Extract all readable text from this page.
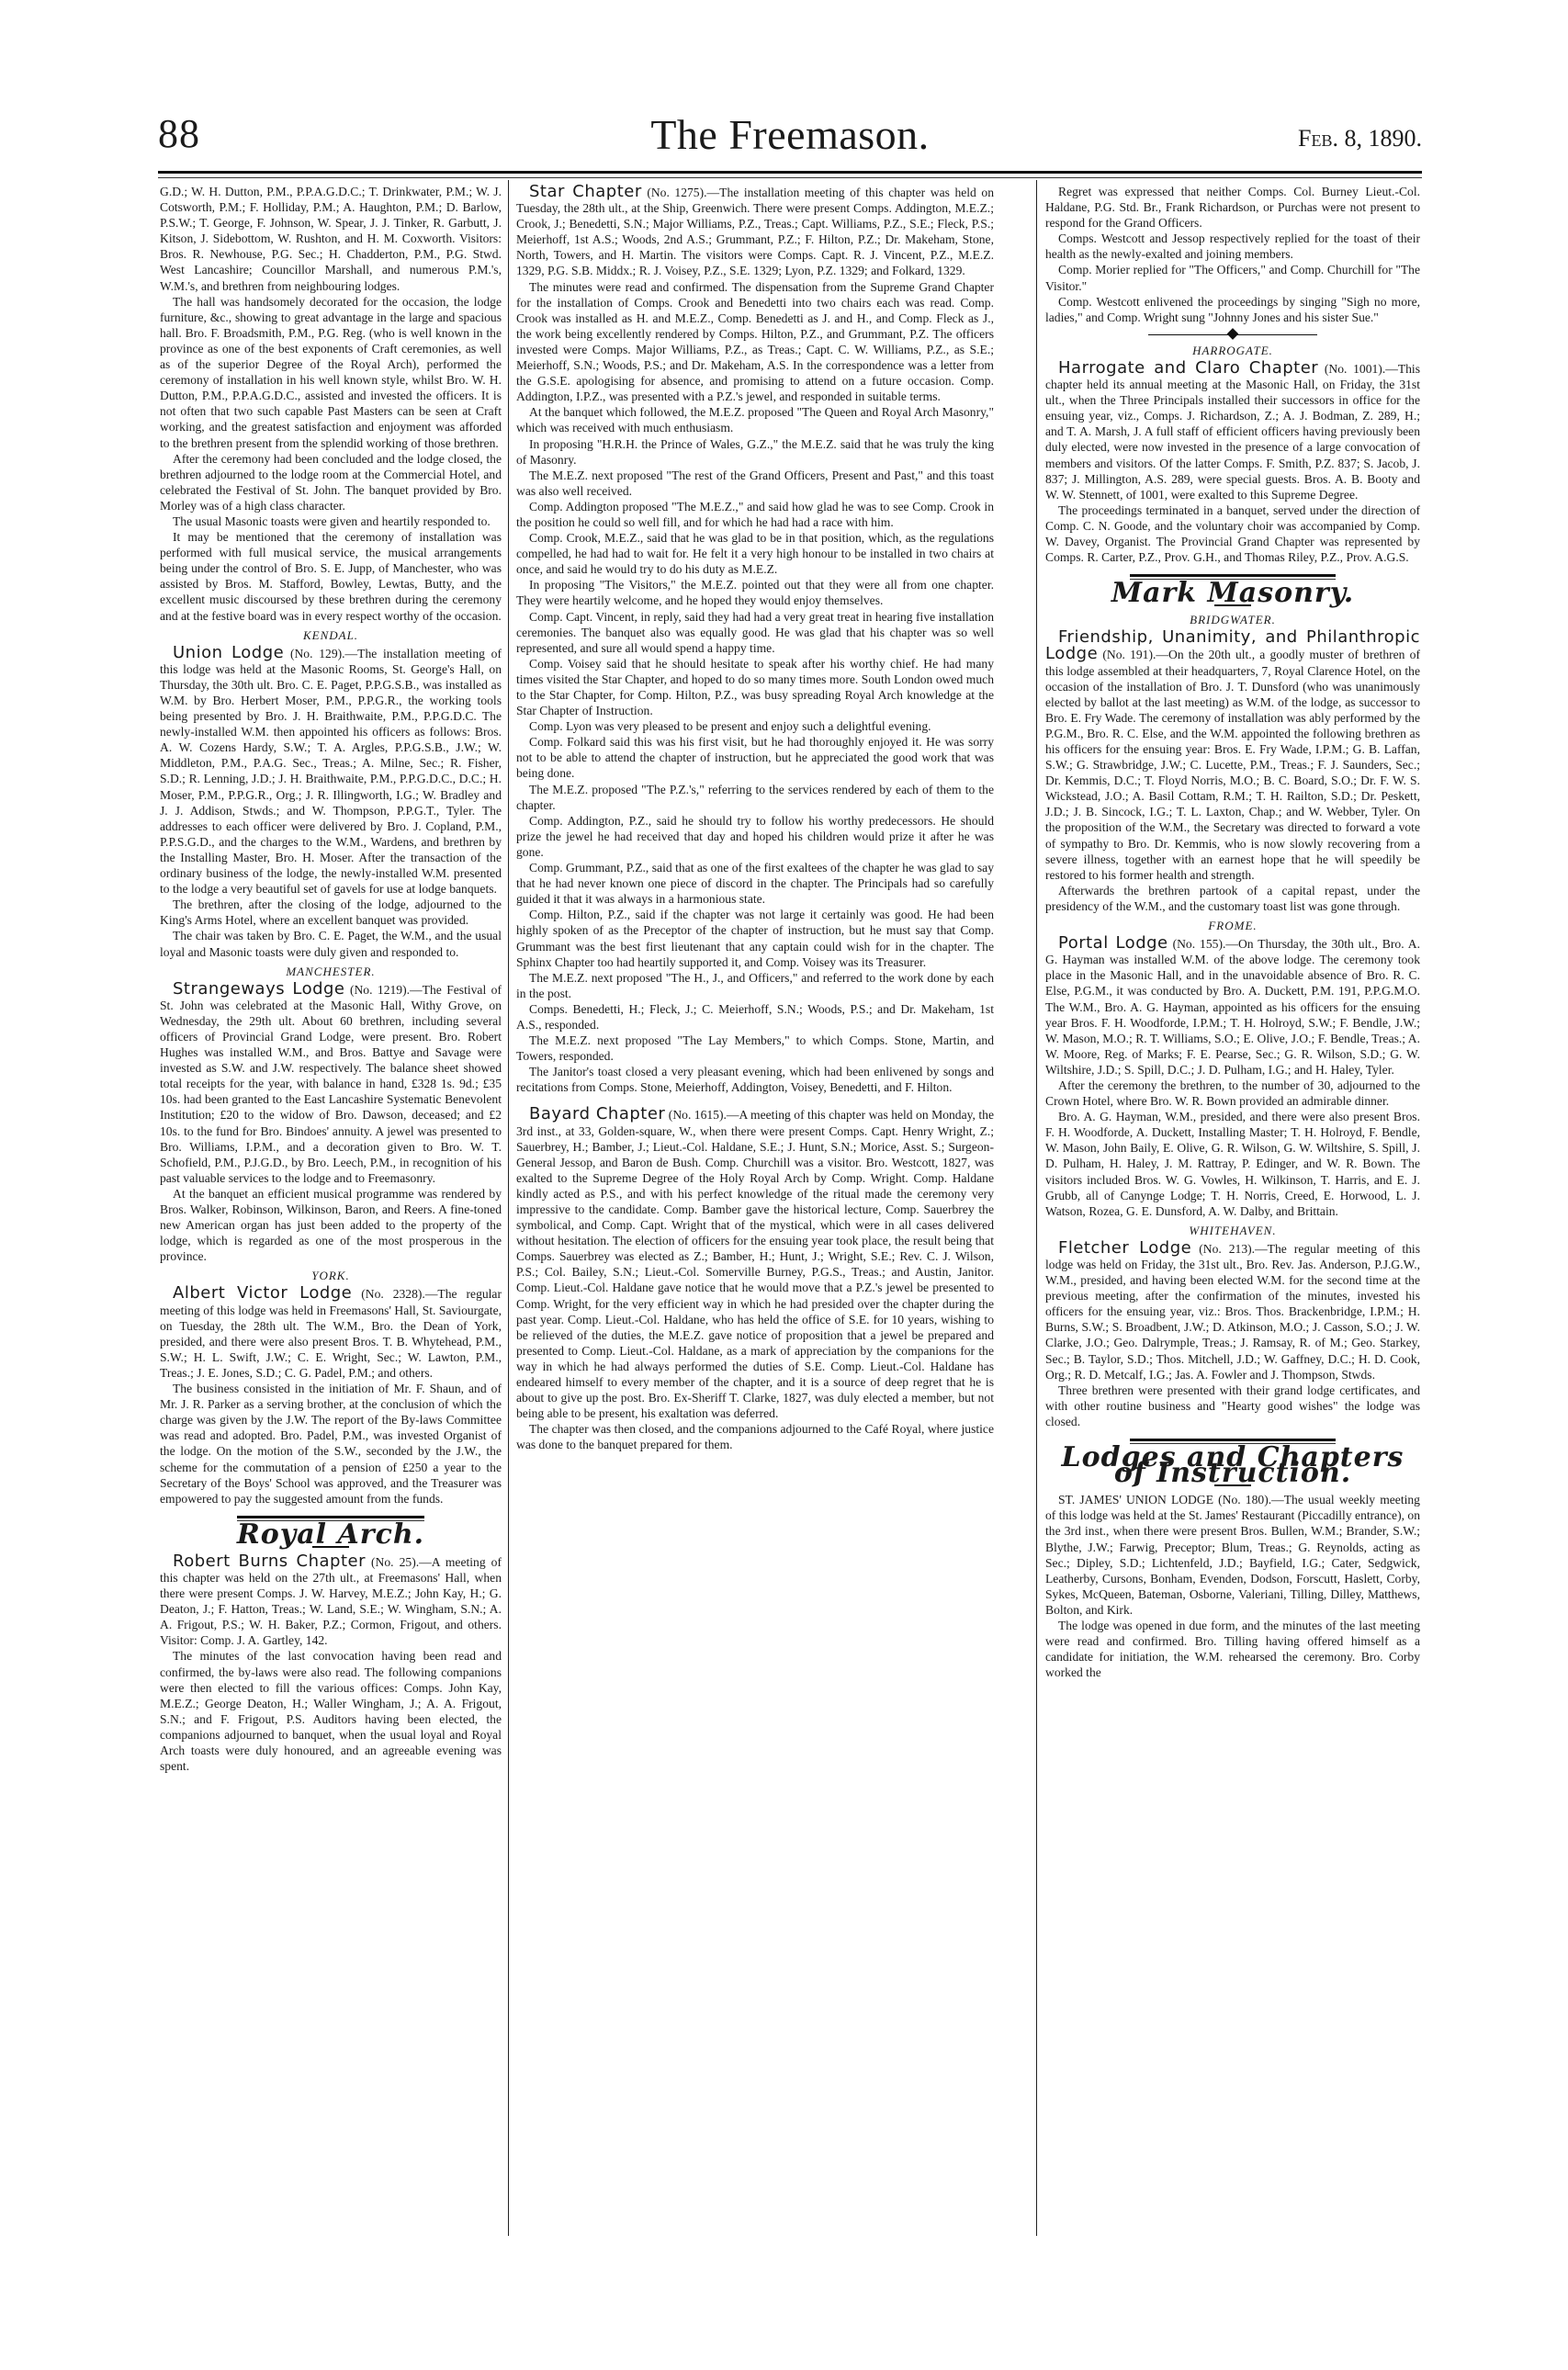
88	The Freemason.	Feb. 8, 1890.

G.D.; W. H. Dutton, P.M., P.P.A.G.D.C.; T. Drinkwater, P.M.; W. J. Cotsworth, P.M.; F. Holliday, P.M.; A. Haughton, P.M.; D. Barlow, P.S.W.; T. George, F. Johnson, W. Spear, J. J. Tinker, R. Garbutt, J. Kitson, J. Sidebottom, W. Rushton, and H. M. Coxworth. Visitors: Bros. R. Newhouse, P.G. Sec.; H. Chadderton, P.M., P.G. Stwd. West Lancashire; Councillor Marshall, and numerous P.M.'s, W.M.'s, and brethren from neighbouring lodges.

The hall was handsomely decorated for the occasion, the lodge furniture, &c., showing to great advantage in the large and spacious hall. Bro. F. Broadsmith, P.M., P.G. Reg. (who is well known in the province as one of the best exponents of Craft ceremonies, as well as of the superior Degree of the Royal Arch), performed the ceremony of installation in his well known style, whilst Bro. W. H. Dutton, P.M., P.P.A.G.D.C., assisted and invested the officers. It is not often that two such capable Past Masters can be seen at Craft working, and the greatest satisfaction and enjoyment was afforded to the brethren present from the splendid working of those brethren.

After the ceremony had been concluded and the lodge closed, the brethren adjourned to the lodge room at the Commercial Hotel, and celebrated the Festival of St. John. The banquet provided by Bro. Morley was of a high class character.

The usual Masonic toasts were given and heartily responded to.

It may be mentioned that the ceremony of installation was performed with full musical service, the musical arrangements being under the control of Bro. S. E. Jupp, of Manchester, who was assisted by Bros. M. Stafford, Bowley, Lewtas, Butty, and the excellent music discoursed by these brethren during the ceremony and at the festive board was in every respect worthy of the occasion.

KENDAL.

Union Lodge (No. 129).—The installation meeting of this lodge was held at the Masonic Rooms, St. George's Hall, on Thursday, the 30th ult. Bro. C. E. Paget, P.P.G.S.B., was installed as W.M. by Bro. Herbert Moser, P.M., P.P.G.R., the working tools being presented by Bro. J. H. Braithwaite, P.M., P.P.G.D.C. The newly-installed W.M. then appointed his officers as follows: Bros. A. W. Cozens Hardy, S.W.; T. A. Argles, P.P.G.S.B., J.W.; W. Middleton, P.M., P.A.G. Sec., Treas.; A. Milne, Sec.; R. Fisher, S.D.; R. Lenning, J.D.; J. H. Braithwaite, P.M., P.P.G.D.C., D.C.; H. Moser, P.M., P.P.G.R., Org.; J. R. Illingworth, I.G.; W. Bradley and J. J. Addison, Stwds.; and W. Thompson, P.P.G.T., Tyler. The addresses to each officer were delivered by Bro. J. Copland, P.M., P.P.S.G.D., and the charges to the W.M., Wardens, and brethren by the Installing Master, Bro. H. Moser. After the transaction of the ordinary business of the lodge, the newly-installed W.M. presented to the lodge a very beautiful set of gavels for use at lodge banquets.

The brethren, after the closing of the lodge, adjourned to the King's Arms Hotel, where an excellent banquet was provided.

The chair was taken by Bro. C. E. Paget, the W.M., and the usual loyal and Masonic toasts were duly given and responded to.

MANCHESTER.

Strangeways Lodge (No. 1219).—The Festival of St. John was celebrated at the Masonic Hall, Withy Grove, on Wednesday, the 29th ult. About 60 brethren, including several officers of Provincial Grand Lodge, were present. Bro. Robert Hughes was installed W.M., and Bros. Battye and Savage were invested as S.W. and J.W. respectively. The balance sheet showed total receipts for the year, with balance in hand, £328 1s. 9d.; £35 10s. had been granted to the East Lancashire Systematic Benevolent Institution; £20 to the widow of Bro. Dawson, deceased; and £2 10s. to the fund for Bro. Bindoes' annuity. A jewel was presented to Bro. Williams, I.P.M., and a decoration given to Bro. W. T. Schofield, P.M., P.J.G.D., by Bro. Leech, P.M., in recognition of his past valuable services to the lodge and to Freemasonry.

At the banquet an efficient musical programme was rendered by Bros. Walker, Robinson, Wilkinson, Baron, and Reers. A fine-toned new American organ has just been added to the property of the lodge, which is regarded as one of the most prosperous in the province.

YORK.

Albert Victor Lodge (No. 2328).—The regular meeting of this lodge was held in Freemasons' Hall, St. Saviourgate, on Tuesday, the 28th ult. The W.M., Bro. the Dean of York, presided, and there were also present Bros. T. B. Whytehead, P.M., S.W.; H. L. Swift, J.W.; C. E. Wright, Sec.; W. Lawton, P.M., Treas.; J. E. Jones, S.D.; C. G. Padel, P.M.; and others.

The business consisted in the initiation of Mr. F. Shaun, and of Mr. J. R. Parker as a serving brother, at the conclusion of which the charge was given by the J.W. The report of the By-laws Committee was read and adopted. Bro. Padel, P.M., was invested Organist of the lodge. On the motion of the S.W., seconded by the J.W., the scheme for the commutation of a pension of £250 a year to the Secretary of the Boys' School was approved, and the Treasurer was empowered to pay the suggested amount from the funds.

Royal Arch.

Robert Burns Chapter (No. 25).—A meeting of this chapter was held on the 27th ult., at Freemasons' Hall, when there were present Comps. J. W. Harvey, M.E.Z.; John Kay, H.; G. Deaton, J.; F. Hatton, Treas.; W. Land, S.E.; W. Wingham, S.N.; A. A. Frigout, P.S.; W. H. Baker, P.Z.; Cormon, Frigout, and others. Visitor: Comp. J. A. Gartley, 142.

The minutes of the last convocation having been read and confirmed, the by-laws were also read. The following companions were then elected to fill the various offices: Comps. John Kay, M.E.Z.; George Deaton, H.; Waller Wingham, J.; A. A. Frigout, S.N.; and F. Frigout, P.S. Auditors having been elected, the companions adjourned to banquet, when the usual loyal and Royal Arch toasts were duly honoured, and an agreeable evening was spent.

Star Chapter (No. 1275).—The installation meeting of this chapter was held on Tuesday, the 28th ult., at the Ship, Greenwich. There were present Comps. Addington, M.E.Z.; Crook, J.; Benedetti, S.N.; Major Williams, P.Z., Treas.; Capt. Williams, P.Z., S.E.; Fleck, P.S.; Meierhoff, 1st A.S.; Woods, 2nd A.S.; Grummant, P.Z.; F. Hilton, P.Z.; Dr. Makeham, Stone, North, Towers, and H. Martin. The visitors were Comps. Capt. R. J. Vincent, P.Z., M.E.Z. 1329, P.G. S.B. Middx.; R. J. Voisey, P.Z., S.E. 1329; Lyon, P.Z. 1329; and Folkard, 1329.

The minutes were read and confirmed. The dispensation from the Supreme Grand Chapter for the installation of Comps. Crook and Benedetti into two chairs each was read. Comp. Crook was installed as H. and M.E.Z., Comp. Benedetti as J. and H., and Comp. Fleck as J., the work being excellently rendered by Comps. Hilton, P.Z., and Grummant, P.Z. The officers invested were Comps. Major Williams, P.Z., as Treas.; Capt. C. W. Williams, P.Z., as S.E.; Meierhoff, S.N.; Woods, P.S.; and Dr. Makeham, A.S. In the correspondence was a letter from the G.S.E. apologising for absence, and promising to attend on a future occasion. Comp. Addington, I.P.Z., was presented with a P.Z.'s jewel, and responded in suitable terms.

At the banquet which followed, the M.E.Z. proposed "The Queen and Royal Arch Masonry," which was received with much enthusiasm.

In proposing "H.R.H. the Prince of Wales, G.Z.," the M.E.Z. said that he was truly the king of Masonry.

The M.E.Z. next proposed "The rest of the Grand Officers, Present and Past," and this toast was also well received.

Comp. Addington proposed "The M.E.Z.," and said how glad he was to see Comp. Crook in the position he could so well fill, and for which he had had a race with him.

Comp. Crook, M.E.Z., said that he was glad to be in that position, which, as the regulations compelled, he had had to wait for. He felt it a very high honour to be installed in two chairs at once, and said he would try to do his duty as M.E.Z.

In proposing "The Visitors," the M.E.Z. pointed out that they were all from one chapter. They were heartily welcome, and he hoped they would enjoy themselves.

Comp. Capt. Vincent, in reply, said they had had a very great treat in hearing five installation ceremonies. The banquet also was equally good. He was glad that his chapter was so well represented, and sure all would spend a happy time.

Comp. Voisey said that he should hesitate to speak after his worthy chief. He had many times visited the Star Chapter, and hoped to do so many times more. South London owed much to the Star Chapter, for Comp. Hilton, P.Z., was busy spreading Royal Arch knowledge at the Star Chapter of Instruction.

Comp. Lyon was very pleased to be present and enjoy such a delightful evening.

Comp. Folkard said this was his first visit, but he had thoroughly enjoyed it. He was sorry not to be able to attend the chapter of instruction, but he appreciated the good work that was being done.

The M.E.Z. proposed "The P.Z.'s," referring to the services rendered by each of them to the chapter.

Comp. Addington, P.Z., said he should try to follow his worthy predecessors. He should prize the jewel he had received that day and hoped his children would prize it after he was gone.

Comp. Grummant, P.Z., said that as one of the first exaltees of the chapter he was glad to say that he had never known one piece of discord in the chapter. The Principals had so carefully guided it that it was always in a harmonious state.

Comp. Hilton, P.Z., said if the chapter was not large it certainly was good. He had been highly spoken of as the Preceptor of the chapter of instruction, but he must say that Comp. Grummant was the best first lieutenant that any captain could wish for in the chapter. The Sphinx Chapter too had heartily supported it, and Comp. Voisey was its Treasurer.

The M.E.Z. next proposed "The H., J., and Officers," and referred to the work done by each in the post.

Comps. Benedetti, H.; Fleck, J.; C. Meierhoff, S.N.; Woods, P.S.; and Dr. Makeham, 1st A.S., responded.

The M.E.Z. next proposed "The Lay Members," to which Comps. Stone, Martin, and Towers, responded.

The Janitor's toast closed a very pleasant evening, which had been enlivened by songs and recitations from Comps. Stone, Meierhoff, Addington, Voisey, Benedetti, and F. Hilton.

Bayard Chapter (No. 1615).—A meeting of this chapter was held on Monday, the 3rd inst., at 33, Golden-square, W., when there were present Comps. Capt. Henry Wright, Z.; Sauerbrey, H.; Bamber, J.; Lieut.-Col. Haldane, S.E.; J. Hunt, S.N.; Morice, Asst. S.; Surgeon-General Jessop, and Baron de Bush. Comp. Churchill was a visitor. Bro. Westcott, 1827, was exalted to the Supreme Degree of the Holy Royal Arch by Comp. Wright. Comp. Haldane kindly acted as P.S., and with his perfect knowledge of the ritual made the ceremony very impressive to the candidate. Comp. Bamber gave the historical lecture, Comp. Sauerbrey the symbolical, and Comp. Capt. Wright that of the mystical, which were in all cases delivered without hesitation. The election of officers for the ensuing year took place, the result being that Comps. Sauerbrey was elected as Z.; Bamber, H.; Hunt, J.; Wright, S.E.; Rev. C. J. Wilson, P.S.; Col. Bailey, S.N.; Lieut.-Col. Somerville Burney, P.G.S., Treas.; and Austin, Janitor. Comp. Lieut.-Col. Haldane gave notice that he would move that a P.Z.'s jewel be presented to Comp. Wright, for the very efficient way in which he had presided over the chapter during the past year. Comp. Lieut.-Col. Haldane, who has held the office of S.E. for 10 years, wishing to be relieved of the duties, the M.E.Z. gave notice of proposition that a jewel be prepared and presented to Comp. Lieut.-Col. Haldane, as a mark of appreciation by the companions for the way in which he had always performed the duties of S.E. Comp. Lieut.-Col. Haldane has endeared himself to every member of the chapter, and it is a source of deep regret that he is about to give up the post. Bro. Ex-Sheriff T. Clarke, 1827, was duly elected a member, but not being able to be present, his exaltation was deferred.

The chapter was then closed, and the companions adjourned to the Café Royal, where justice was done to the banquet prepared for them.

Regret was expressed that neither Comps. Col. Burney Lieut.-Col. Haldane, P.G. Std. Br., Frank Richardson, or Purchas were not present to respond for the Grand Officers.

Comps. Westcott and Jessop respectively replied for the toast of their health as the newly-exalted and joining members.

Comp. Morier replied for "The Officers," and Comp. Churchill for "The Visitor."

Comp. Westcott enlivened the proceedings by singing "Sigh no more, ladies," and Comp. Wright sung "Johnny Jones and his sister Sue."

HARROGATE.

Harrogate and Claro Chapter (No. 1001).—This chapter held its annual meeting at the Masonic Hall, on Friday, the 31st ult., when the Three Principals installed their successors in office for the ensuing year, viz., Comps. J. Richardson, Z.; A. J. Bodman, Z. 289, H.; and T. A. Marsh, J. A full staff of efficient officers having previously been duly elected, were now invested in the presence of a large convocation of members and visitors. Of the latter Comps. F. Smith, P.Z. 837; S. Jacob, J. 837; J. Millington, A.S. 289, were special guests. Bros. A. B. Booty and W. W. Stennett, of 1001, were exalted to this Supreme Degree.

The proceedings terminated in a banquet, served under the direction of Comp. C. N. Goode, and the voluntary choir was accompanied by Comp. W. Davey, Organist. The Provincial Grand Chapter was represented by Comps. R. Carter, P.Z., Prov. G.H., and Thomas Riley, P.Z., Prov. A.G.S.

Mark Masonry.
BRIDGWATER.

Friendship, Unanimity, and Philanthropic Lodge (No. 191).—On the 20th ult., a goodly muster of brethren of this lodge assembled at their headquarters, 7, Royal Clarence Hotel, on the occasion of the installation of Bro. J. T. Dunsford (who was unanimously elected by ballot at the last meeting) as W.M. of the lodge, as successor to Bro. E. Fry Wade. The ceremony of installation was ably performed by the P.G.M., Bro. R. C. Else, and the W.M. appointed the following brethren as his officers for the ensuing year: Bros. E. Fry Wade, I.P.M.; G. B. Laffan, S.W.; G. Strawbridge, J.W.; C. Lucette, P.M., Treas.; F. J. Saunders, Sec.; Dr. Kemmis, D.C.; T. Floyd Norris, M.O.; B. C. Board, S.O.; Dr. F. W. S. Wickstead, J.O.; A. Basil Cottam, R.M.; T. H. Railton, S.D.; Dr. Peskett, J.D.; J. B. Sincock, I.G.; T. L. Laxton, Chap.; and W. Webber, Tyler. On the proposition of the W.M., the Secretary was directed to forward a vote of sympathy to Bro. Dr. Kemmis, who is now slowly recovering from a severe illness, together with an earnest hope that he will speedily be restored to his former health and strength.

Afterwards the brethren partook of a capital repast, under the presidency of the W.M., and the customary toast list was gone through.

FROME.

Portal Lodge (No. 155).—On Thursday, the 30th ult., Bro. A. G. Hayman was installed W.M. of the above lodge. The ceremony took place in the Masonic Hall, and in the unavoidable absence of Bro. R. C. Else, P.G.M., it was conducted by Bro. A. Duckett, P.M. 191, P.P.G.M.O. The W.M., Bro. A. G. Hayman, appointed as his officers for the ensuing year Bros. F. H. Woodforde, I.P.M.; T. H. Holroyd, S.W.; F. Bendle, J.W.; W. Mason, M.O.; R. T. Williams, S.O.; E. Olive, J.O.; F. Bendle, Treas.; A. W. Moore, Reg. of Marks; F. E. Pearse, Sec.; G. R. Wilson, S.D.; G. W. Wiltshire, J.D.; S. Spill, D.C.; J. D. Pulham, I.G.; and H. Haley, Tyler.

After the ceremony the brethren, to the number of 30, adjourned to the Crown Hotel, where Bro. W. R. Bown provided an admirable dinner.

Bro. A. G. Hayman, W.M., presided, and there were also present Bros. F. H. Woodforde, A. Duckett, Installing Master; T. H. Holroyd, F. Bendle, W. Mason, John Baily, E. Olive, G. R. Wilson, G. W. Wiltshire, S. Spill, J. D. Pulham, H. Haley, J. M. Rattray, P. Edinger, and W. R. Bown. The visitors included Bros. W. G. Vowles, H. Wilkinson, T. Harris, and E. J. Grubb, all of Canynge Lodge; T. H. Norris, Creed, E. Horwood, L. J. Watson, Rozea, G. E. Dunsford, A. W. Dalby, and Brittain.

WHITEHAVEN.

Fletcher Lodge (No. 213).—The regular meeting of this lodge was held on Friday, the 31st ult., Bro. Rev. Jas. Anderson, P.J.G.W., W.M., presided, and having been elected W.M. for the second time at the previous meeting, after the confirmation of the minutes, invested his officers for the ensuing year, viz.: Bros. Thos. Brackenbridge, I.P.M.; H. Burns, S.W.; S. Broadbent, J.W.; D. Atkinson, M.O.; J. Casson, S.O.; J. W. Clarke, J.O.; Geo. Dalrymple, Treas.; J. Ramsay, R. of M.; Geo. Starkey, Sec.; B. Taylor, S.D.; Thos. Mitchell, J.D.; W. Gaffney, D.C.; H. D. Cook, Org.; R. D. Metcalf, I.G.; Jas. A. Fowler and J. Thompson, Stwds.

Three brethren were presented with their grand lodge certificates, and with other routine business and "Hearty good wishes" the lodge was closed.

Lodges and Chapters of Instruction.

ST. JAMES' UNION LODGE (No. 180).—The usual weekly meeting of this lodge was held at the St. James' Restaurant (Piccadilly entrance), on the 3rd inst., when there were present Bros. Bullen, W.M.; Brander, S.W.; Blythe, J.W.; Farwig, Preceptor; Blum, Treas.; G. Reynolds, acting as Sec.; Dipley, S.D.; Lichtenfeld, J.D.; Bayfield, I.G.; Cater, Sedgwick, Leatherby, Cursons, Bonham, Evenden, Dodson, Forscutt, Haslett, Corby, Sykes, McQueen, Bateman, Osborne, Valeriani, Tilling, Dilley, Matthews, Bolton, and Kirk.

The lodge was opened in due form, and the minutes of the last meeting were read and confirmed. Bro. Tilling having offered himself as a candidate for initiation, the W.M. rehearsed the ceremony. Bro. Corby worked the
